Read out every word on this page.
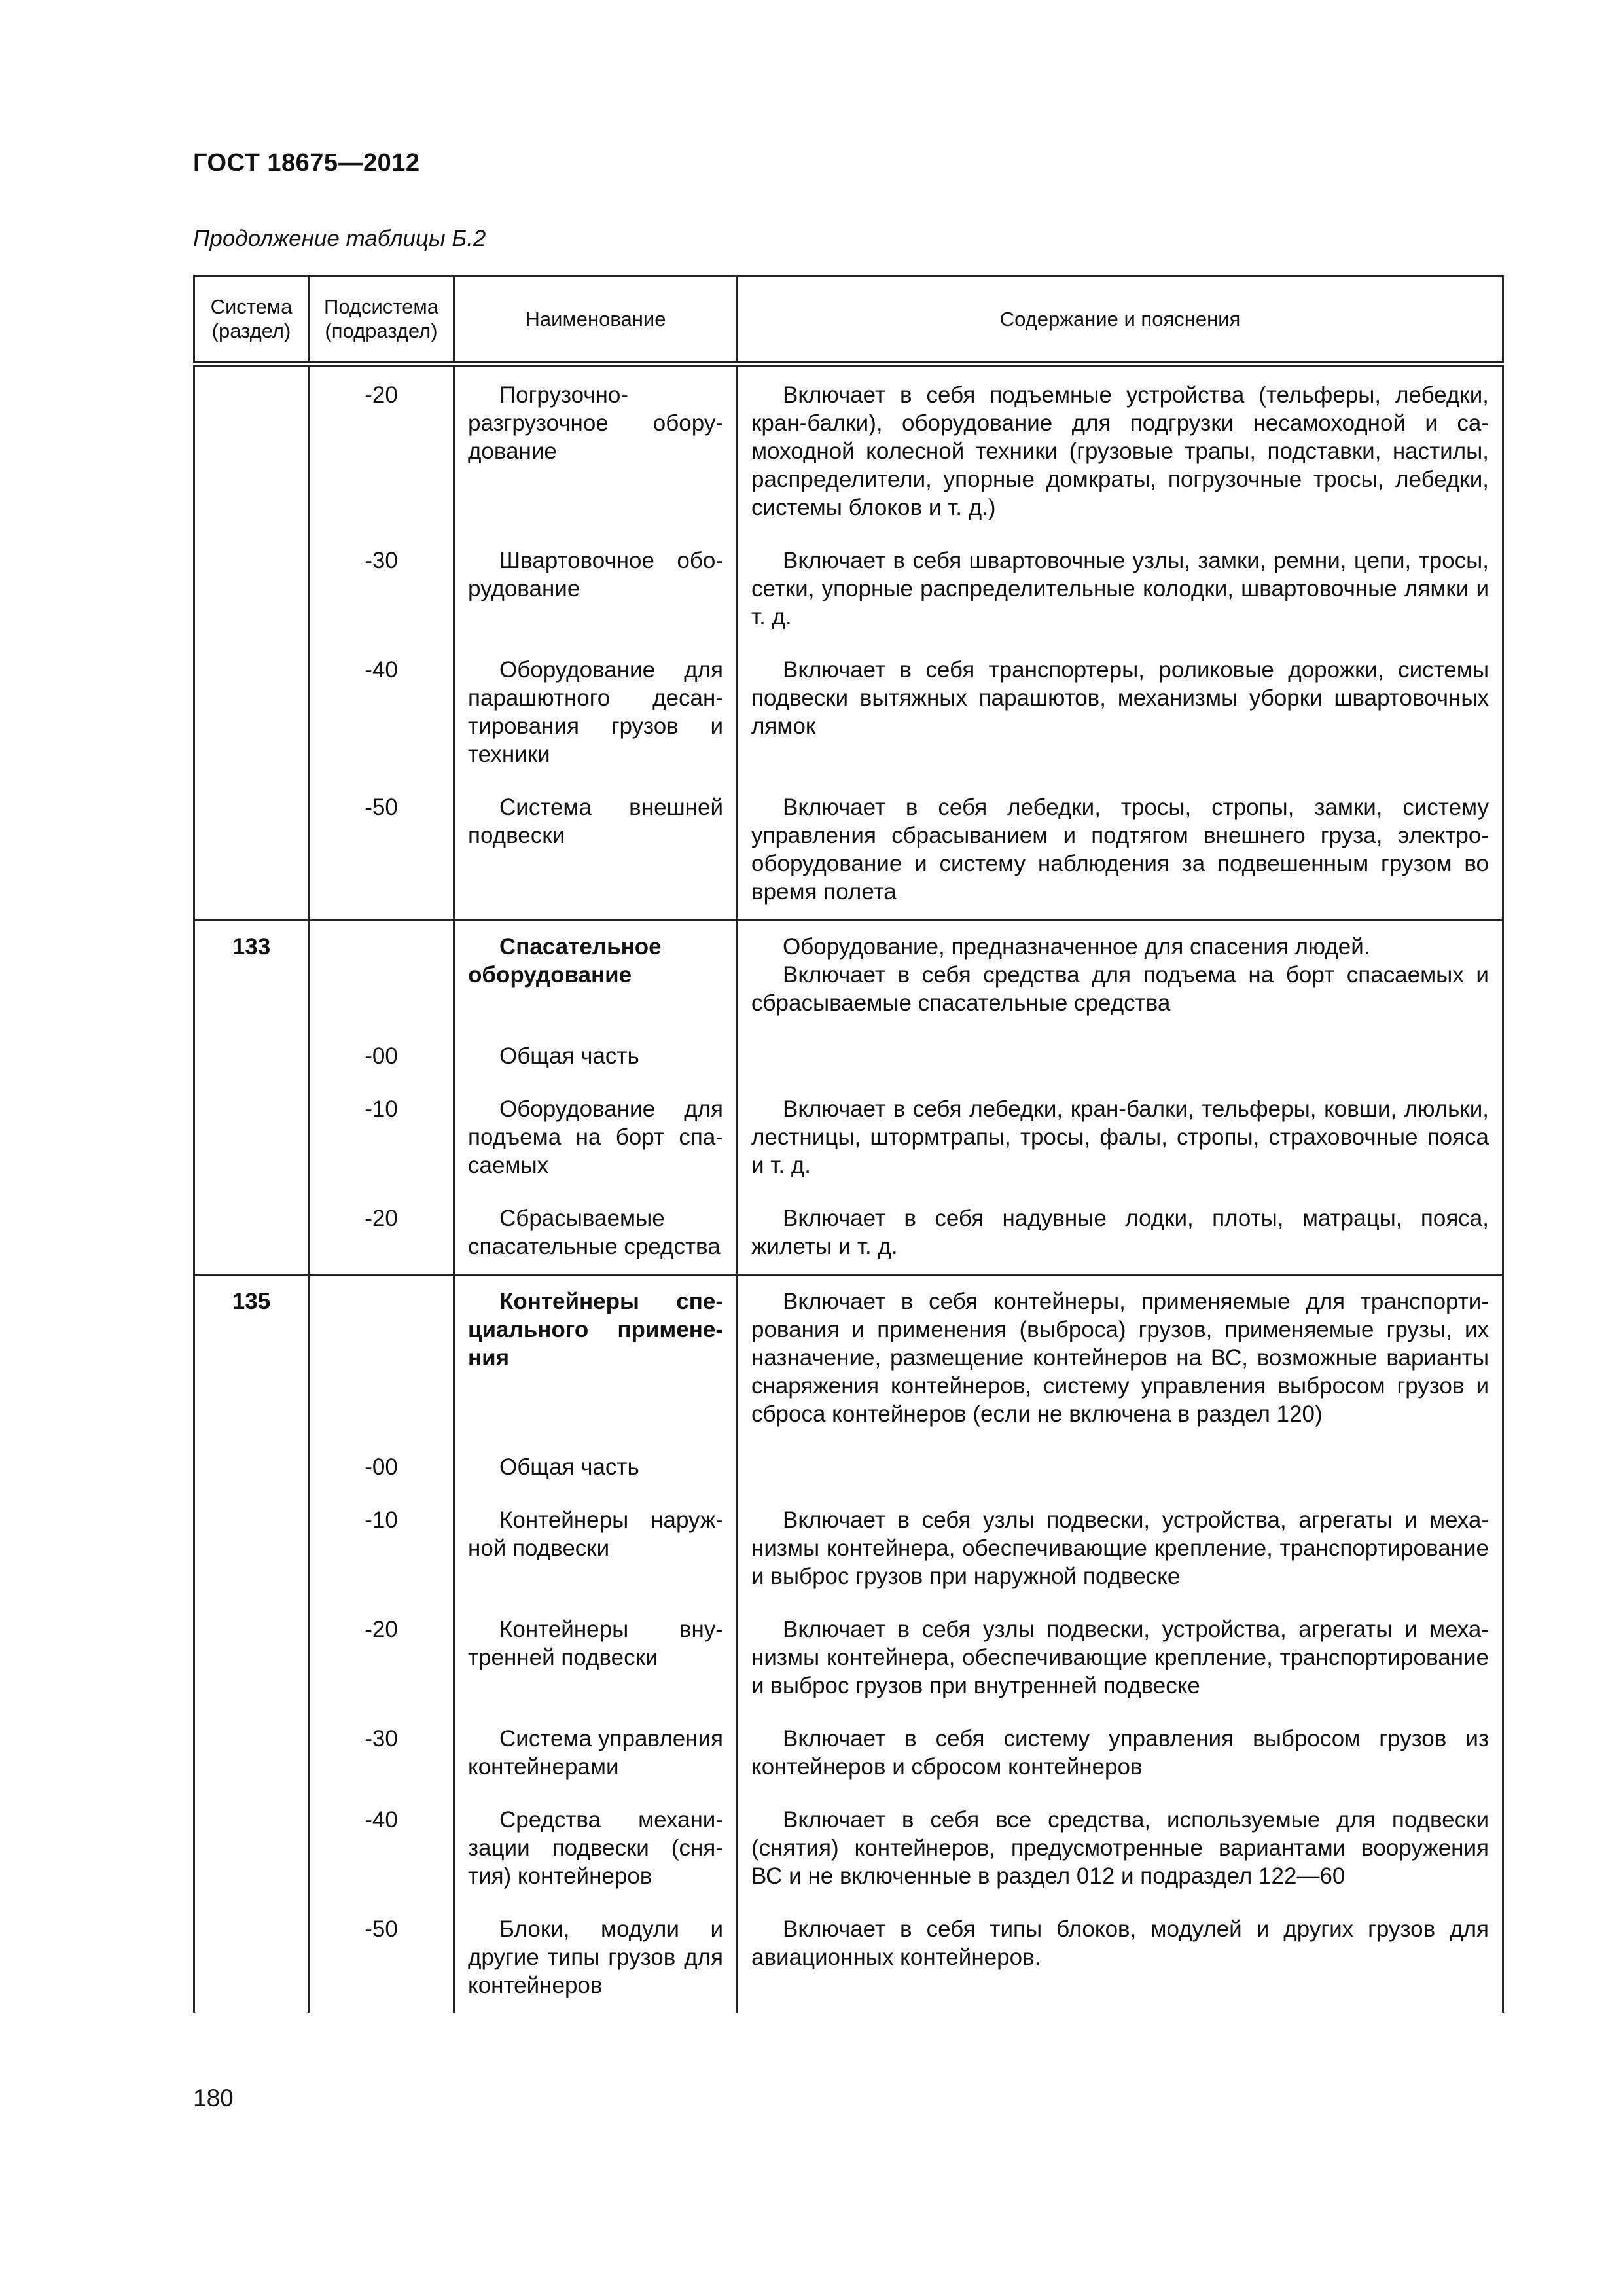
ГОСТ 18675—2012
Продолжение таблицы Б.2
Система (раздел)	Подсистема (подраздел)	Наименование	Содержание и пояснения
	-20	Погрузочно-разгрузочное оборудование	Включает в себя подъемные устройства (тельферы, лебедки, кран-балки), оборудование для подгрузки несамоходной и самоходной колесной техники (грузовые трапы, подставки, настилы, распределители, упорные домкраты, погрузочные тросы, лебедки, системы блоков и т. д.)

	-30	Швартовочное оборудование	Включает в себя швартовочные узлы, замки, ремни, цепи, тросы, сетки, упорные распределительные колодки, швартовочные лямки и т. д.

	-40	Оборудование для парашютного десантирования грузов и техники	Включает в себя транспортеры, роликовые дорожки, системы подвески вытяжных парашютов, механизмы уборки швартовочных лямок

	-50	Система внешней подвески	Включает в себя лебедки, тросы, стропы, замки, систему управления сбрасыванием и подтягом внешнего груза, электрооборудование и систему наблюдения за подвешенным грузом во время полета

133		Спасательное оборудование	Оборудование, предназначенное для спасения людей.
Включает в себя средства для подъема на борт спасаемых и сбрасываемые спасательные средства

	-00	Общая часть	
	-10	Оборудование для подъема на борт спасаемых	Включает в себя лебедки, кран-балки, тельферы, ковши, люльки, лестницы, штормтрапы, тросы, фалы, стропы, страховочные пояса и т. д.

	-20	Сбрасываемые спасательные средства	Включает в себя надувные лодки, плоты, матрацы, пояса, жилеты и т. д.

135		Контейнеры специального применения	Включает в себя контейнеры, применяемые для транспортирования и применения (выброса) грузов, применяемые грузы, их назначение, размещение контейнеров на ВС, возможные варианты снаряжения контейнеров, систему управления выбросом грузов и сброса контейнеров (если не включена в раздел 120)

	-00	Общая часть	
	-10	Контейнеры наружной подвески	Включает в себя узлы подвески, устройства, агрегаты и механизмы контейнера, обеспечивающие крепление, транспортирование и выброс грузов при наружной подвеске

	-20	Контейнеры внутренней подвески	Включает в себя узлы подвески, устройства, агрегаты и механизмы контейнера, обеспечивающие крепление, транспортирование и выброс грузов при внутренней подвеске

	-30	Система управления контейнерами	Включает в себя систему управления выбросом грузов из контейнеров и сбросом контейнеров

	-40	Средства механизации подвески (снятия) контейнеров	Включает в себя все средства, используемые для подвески (снятия) контейнеров, предусмотренные вариантами вооружения ВС и не включенные в раздел 012 и подраздел 122—60

	-50	Блоки, модули и другие типы грузов для контейнеров	Включает в себя типы блоков, модулей и других грузов для авиационных контейнеров.
180
